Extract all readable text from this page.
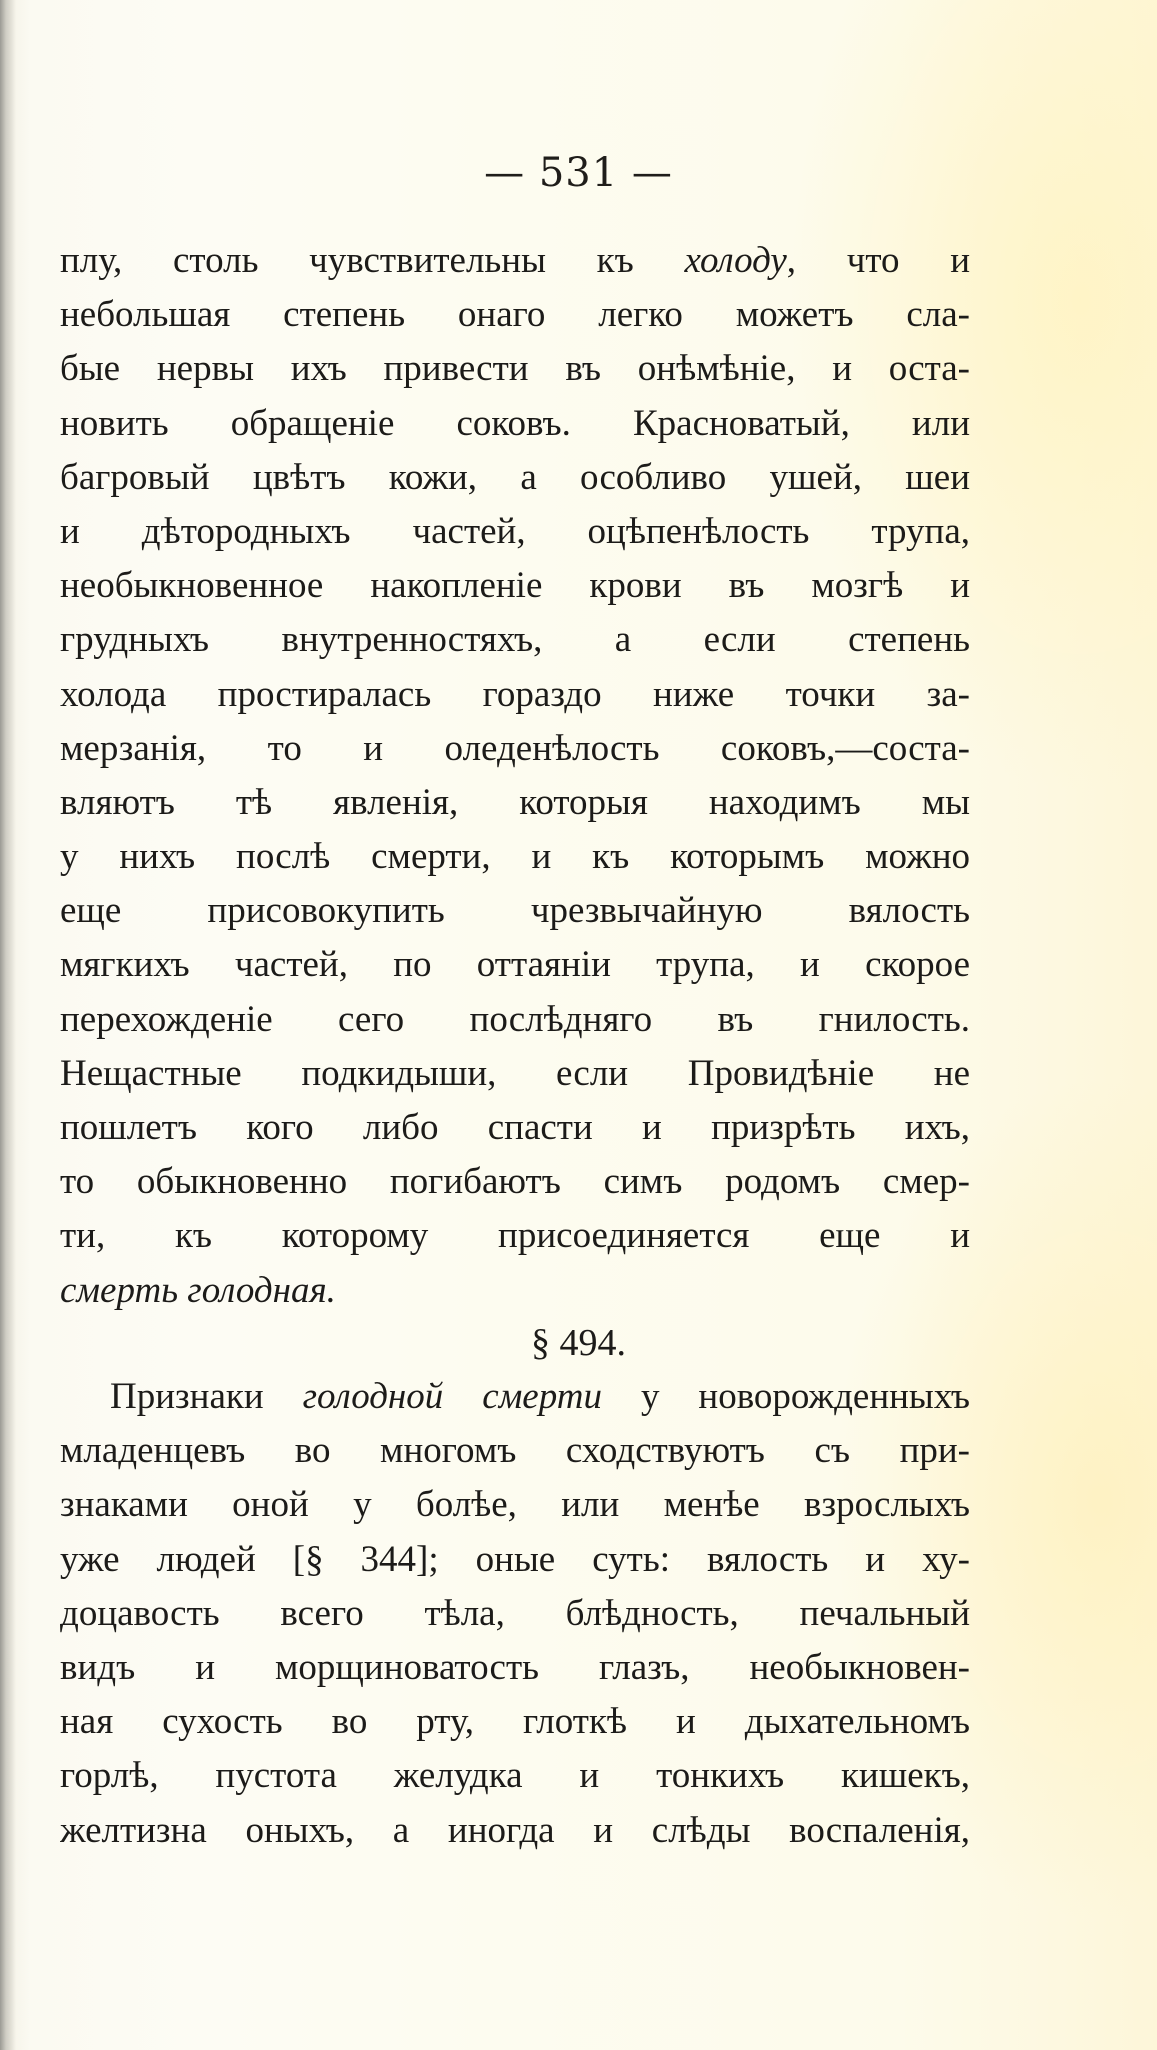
— 531 —
плу, столь чувствительны къ холоду, что и
небольшая степень онаго легко можетъ сла-
бые нервы ихъ привести въ онѣмѣніе, и оста-
новить обращеніе соковъ. Красноватый, или
багровый цвѣтъ кожи, а особливо ушей, шеи
и дѣтородныхъ частей, оцѣпенѣлость трупа,
необыкновенное накопленіе крови въ мозгѣ и
грудныхъ внутренностяхъ, а если степень
холода простиралась гораздо ниже точки за-
мерзанія, то и оледенѣлость соковъ,—соста-
вляютъ тѣ явленія, которыя находимъ мы
у нихъ послѣ смерти, и къ которымъ можно
еще присовокупить чрезвычайную вялость
мягкихъ частей, по оттаяніи трупа, и скорое
перехожденіе сего послѣдняго въ гнилость.
Нещастные подкидыши, если Провидѣніе не
пошлетъ кого либо спасти и призрѣть ихъ,
то обыкновенно погибаютъ симъ родомъ смер-
ти, къ которому присоединяется еще и
смерть голодная.
§ 494.
Признаки голодной смерти у новорожденныхъ
младенцевъ во многомъ сходствуютъ съ при-
знаками оной у болѣе, или менѣе взрослыхъ
уже людей [§ 344]; оные суть: вялость и ху-
доцавость всего тѣла, блѣдность, печальный
видъ и морщиноватость глазъ, необыкновен-
ная сухость во рту, глоткѣ и дыхательномъ
горлѣ, пустота желудка и тонкихъ кишекъ,
желтизна оныхъ, а иногда и слѣды воспаленія,
